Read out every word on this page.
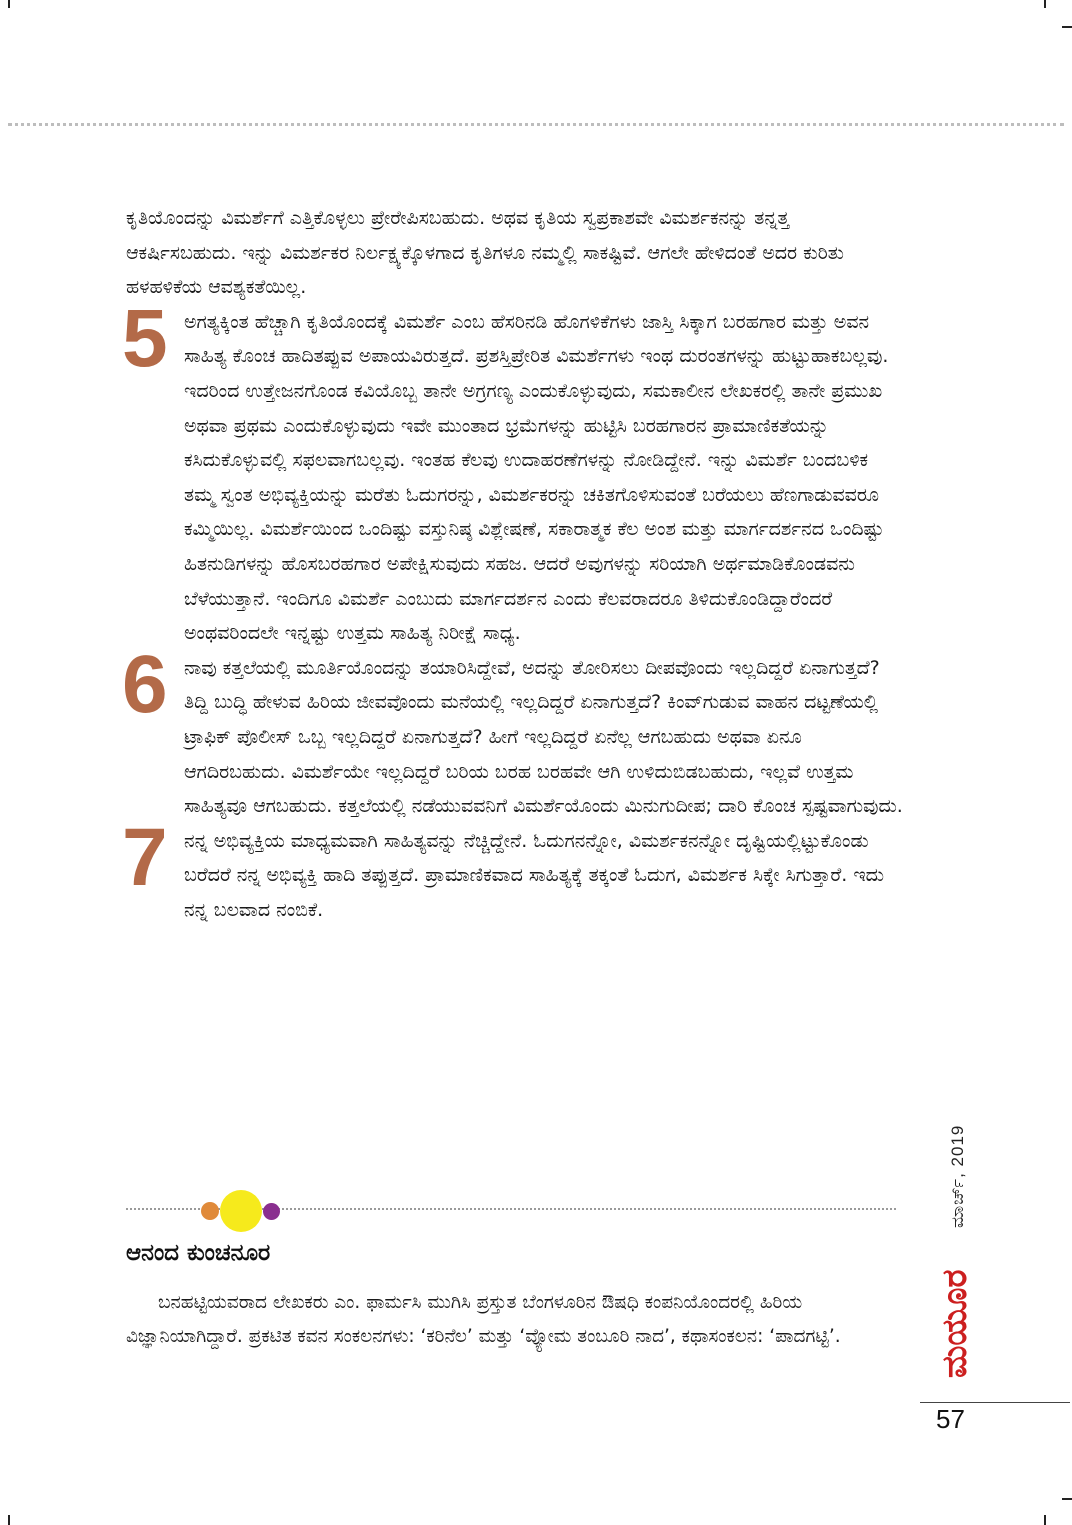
ಕೃತಿಯೊಂದನ್ನು ವಿಮರ್ಶೆಗೆ ಎತ್ತಿಕೊಳ್ಳಲು ಪ್ರೇರೇಪಿಸಬಹುದು. ಅಥವ ಕೃತಿಯ ಸ್ವಪ್ರಕಾಶವೇ ವಿಮರ್ಶಕನನ್ನು ತನ್ನತ್ತ ಆಕರ್ಷಿಸಬಹುದು. ಇನ್ನು ವಿಮರ್ಶಕರ ನಿರ್ಲಕ್ಷ್ಯಕ್ಕೊಳಗಾದ ಕೃತಿಗಳೂ ನಮ್ಮಲ್ಲಿ ಸಾಕಷ್ಟಿವೆ. ಆಗಲೇ ಹೇಳಿದಂತೆ ಅದರ ಕುರಿತು ಹಳಹಳಿಕೆಯ ಆವಶ್ಯಕತೆಯಿಲ್ಲ.

5 ಅಗತ್ಯಕ್ಕಿಂತ ಹೆಚ್ಚಾಗಿ ಕೃತಿಯೊಂದಕ್ಕೆ ವಿಮರ್ಶೆ ಎಂಬ ಹೆಸರಿನಡಿ ಹೊಗಳಿಕೆಗಳು ಜಾಸ್ತಿ ಸಿಕ್ಕಾಗ ಬರಹಗಾರ ಮತ್ತು ಅವನ ಸಾಹಿತ್ಯ ಕೊಂಚ ಹಾದಿತಪ್ಪುವ ಅಪಾಯವಿರುತ್ತದೆ. ಪ್ರಶಸ್ತಿಪ್ರೇರಿತ ವಿಮರ್ಶೆಗಳು ಇಂಥ ದುರಂತಗಳನ್ನು ಹುಟ್ಟುಹಾಕಬಲ್ಲವು. ಇದರಿಂದ ಉತ್ತೇಜನಗೊಂಡ ಕವಿಯೊಬ್ಬ ತಾನೇ ಅಗ್ರಗಣ್ಯ ಎಂದುಕೊಳ್ಳುವುದು, ಸಮಕಾಲೀನ ಲೇಖಕರಲ್ಲಿ ತಾನೇ ಪ್ರಮುಖ ಅಥವಾ ಪ್ರಥಮ ಎಂದುಕೊಳ್ಳುವುದು ಇವೇ ಮುಂತಾದ ಭ್ರಮೆಗಳನ್ನು ಹುಟ್ಟಿಸಿ ಬರಹಗಾರನ ಪ್ರಾಮಾಣಿಕತೆಯನ್ನು ಕಸಿದುಕೊಳ್ಳುವಲ್ಲಿ ಸಫಲವಾಗಬಲ್ಲವು. ಇಂತಹ ಕೆಲವು ಉದಾಹರಣೆಗಳನ್ನು ನೋಡಿದ್ದೇನೆ. ಇನ್ನು ವಿಮರ್ಶೆ ಬಂದಬಳಿಕ ತಮ್ಮ ಸ್ವಂತ ಅಭಿವ್ಯಕ್ತಿಯನ್ನು ಮರೆತು ಓದುಗರನ್ನು, ವಿಮರ್ಶಕರನ್ನು ಚಕಿತಗೊಳಿಸುವಂತೆ ಬರೆಯಲು ಹೆಣಗಾಡುವವರೂ ಕಮ್ಮಿಯಿಲ್ಲ. ವಿಮರ್ಶೆಯಿಂದ ಒಂದಿಷ್ಟು ವಸ್ತುನಿಷ್ಠ ವಿಶ್ಲೇಷಣೆ, ಸಕಾರಾತ್ಮಕ ಕೆಲ ಅಂಶ ಮತ್ತು ಮಾರ್ಗದರ್ಶನದ ಒಂದಿಷ್ಟು ಹಿತನುಡಿಗಳನ್ನು ಹೊಸಬರಹಗಾರ ಅಪೇಕ್ಷಿಸುವುದು ಸಹಜ. ಆದರೆ ಅವುಗಳನ್ನು ಸರಿಯಾಗಿ ಅರ್ಥಮಾಡಿಕೊಂಡವನು ಬೆಳೆಯುತ್ತಾನೆ. ಇಂದಿಗೂ ವಿಮರ್ಶೆ ಎಂಬುದು ಮಾರ್ಗದರ್ಶನ ಎಂದು ಕೆಲವರಾದರೂ ತಿಳಿದುಕೊಂಡಿದ್ದಾರೆಂದರೆ ಅಂಥವರಿಂದಲೇ ಇನ್ನಷ್ಟು ಉತ್ತಮ ಸಾಹಿತ್ಯ ನಿರೀಕ್ಷೆ ಸಾಧ್ಯ.

6 ನಾವು ಕತ್ತಲೆಯಲ್ಲಿ ಮೂರ್ತಿಯೊಂದನ್ನು ತಯಾರಿಸಿದ್ದೇವೆ, ಅದನ್ನು ತೋರಿಸಲು ದೀಪವೊಂದು ಇಲ್ಲದಿದ್ದರೆ ಏನಾಗುತ್ತದೆ? ತಿದ್ದಿ ಬುದ್ಧಿ ಹೇಳುವ ಹಿರಿಯ ಜೀವವೊಂದು ಮನೆಯಲ್ಲಿ ಇಲ್ಲದಿದ್ದರೆ ಏನಾಗುತ್ತದೆ? ಕಿಂವ್‌ಗುಡುವ ವಾಹನ ದಟ್ಟಣೆಯಲ್ಲಿ ಟ್ರಾಫಿಕ್ ಪೊಲೀಸ್ ಒಬ್ಬ ಇಲ್ಲದಿದ್ದರೆ ಏನಾಗುತ್ತದೆ? ಹೀಗೆ ಇಲ್ಲದಿದ್ದರೆ ಏನೆಲ್ಲ ಆಗಬಹುದು ಅಥವಾ ಏನೂ ಆಗದಿರಬಹುದು. ವಿಮರ್ಶೆಯೇ ಇಲ್ಲದಿದ್ದರೆ ಬರಿಯ ಬರಹ ಬರಹವೇ ಆಗಿ ಉಳಿದುಬಿಡಬಹುದು, ಇಲ್ಲವೆ ಉತ್ತಮ ಸಾಹಿತ್ಯವೂ ಆಗಬಹುದು. ಕತ್ತಲೆಯಲ್ಲಿ ನಡೆಯುವವನಿಗೆ ವಿಮರ್ಶೆಯೊಂದು ಮಿನುಗುದೀಪ; ದಾರಿ ಕೊಂಚ ಸ್ಪಷ್ಟವಾಗುವುದು.

7 ನನ್ನ ಅಭಿವ್ಯಕ್ತಿಯ ಮಾಧ್ಯಮವಾಗಿ ಸಾಹಿತ್ಯವನ್ನು ನೆಚ್ಚಿದ್ದೇನೆ. ಓದುಗನನ್ನೋ, ವಿಮರ್ಶಕನನ್ನೋ ದೃಷ್ಟಿಯಲ್ಲಿಟ್ಟುಕೊಂಡು ಬರೆದರೆ ನನ್ನ ಅಭಿವ್ಯಕ್ತಿ ಹಾದಿ ತಪ್ಪುತ್ತದೆ. ಪ್ರಾಮಾಣಿಕವಾದ ಸಾಹಿತ್ಯಕ್ಕೆ ತಕ್ಕಂತೆ ಓದುಗ, ವಿಮರ್ಶಕ ಸಿಕ್ಕೇ ಸಿಗುತ್ತಾರೆ. ಇದು ನನ್ನ ಬಲವಾದ ನಂಬಿಕೆ.

ಆನಂದ ಕುಂಚನೂರ

ಬನಹಟ್ಟಿಯವರಾದ ಲೇಖಕರು ಎಂ. ಫಾರ್ಮಸಿ ಮುಗಿಸಿ ಪ್ರಸ್ತುತ ಬೆಂಗಳೂರಿನ ಔಷಧಿ ಕಂಪನಿಯೊಂದರಲ್ಲಿ ಹಿರಿಯ ವಿಜ್ಞಾನಿಯಾಗಿದ್ದಾರೆ. ಪ್ರಕಟಿತ ಕವನ ಸಂಕಲನಗಳು: ‘ಕರಿನೆಲ’ ಮತ್ತು ‘ವ್ಯೋಮ ತಂಬೂರಿ ನಾದ’, ಕಥಾಸಂಕಲನ: ‘ಪಾದಗಟ್ಟಿ’.

ಮಾರ್ಚ್, 2019
ಮಯೂರ
57
